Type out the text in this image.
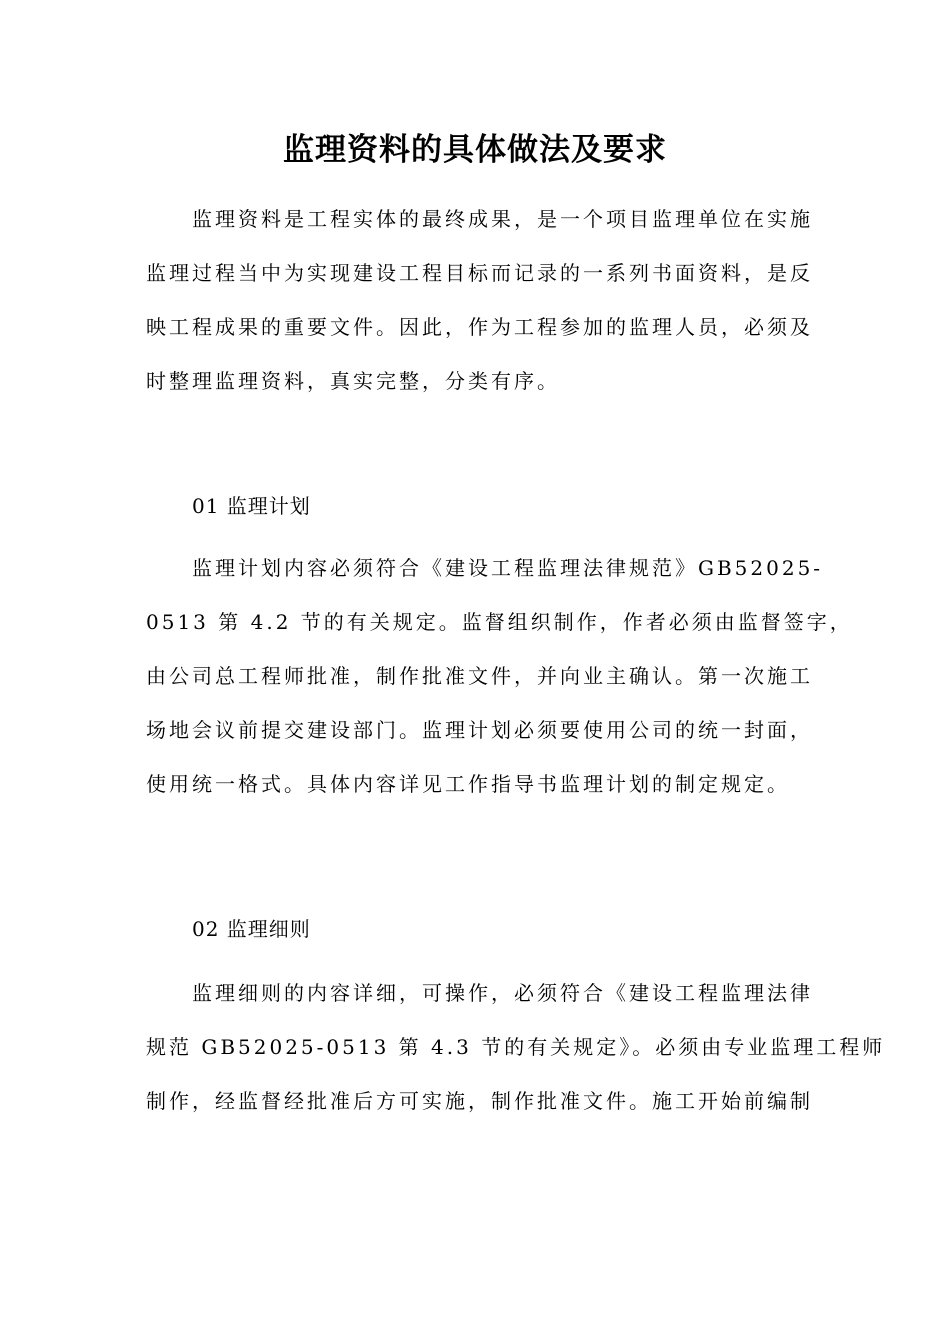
监理资料的具体做法及要求
监理资料是工程实体的最终成果，是一个项目监理单位在实施
监理过程当中为实现建设工程目标而记录的一系列书面资料，是反
映工程成果的重要文件。因此，作为工程参加的监理人员，必须及
时整理监理资料，真实完整，分类有序。

01 监理计划

监理计划内容必须符合《建设工程监理法律规范》GB52025-
0513 第 4.2 节的有关规定。监督组织制作，作者必须由监督签字，
由公司总工程师批准，制作批准文件，并向业主确认。第一次施工
场地会议前提交建设部门。监理计划必须要使用公司的统一封面，
使用统一格式。具体内容详见工作指导书监理计划的制定规定。

02 监理细则

监理细则的内容详细，可操作，必须符合《建设工程监理法律
规范 GB52025-0513 第 4.3 节的有关规定》。必须由专业监理工程师
制作，经监督经批准后方可实施，制作批准文件。施工开始前编制
